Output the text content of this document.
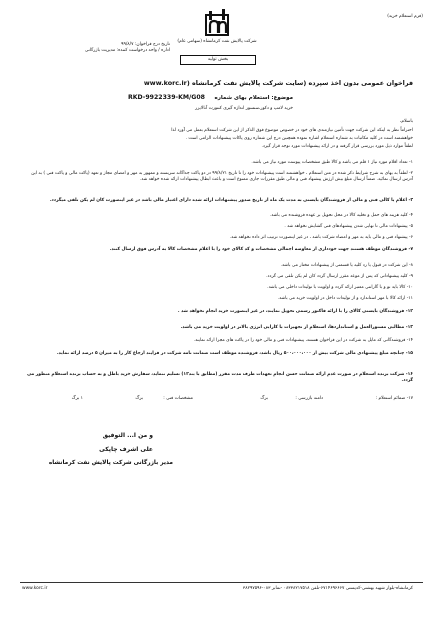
(فرم استعلام خرید)
تاریخ درج فراخوان: ۹۹/۸/۷
اداره / واحد درخواست کننده: مدیریت بازرگانی
شرکت پالایش نفت کرمانشاه (سهامی عام)
بخش تولید
فراخوان عمومی بدون اخذ سپرده (سایت شرکت پالایش نفت کرمانشاه (www.korc.ir
موضوع: استعلام بهای شماره
RKD-9922339-KM/G08
خرید لامپ و دکور،سنسور اندازه گیری کنتورت آنالایزر
باسلام،
احتراماً نظر به اینکه این شرکت جهت تأمین نیازمندی های خود در خصوص موضوع فوق الذکر از این شرکت استعلام بعمل می آورد لذا
خواهشمند است در کلیه مکاتبات به شماره استعلام اشاره نموده همچنین درج این شماره روی پاکات پیشنهادات الزامی است .
لطفاً موارد ذیل مورد بررسی قرار گرفته و در ارائه پیشنهادات مورد توجه قرار گیرد.
۱- تعداد اقلام مورد نیاز ۱ قلم می باشد و کالا طبق مشخصات پیوست مورد نیاز می باشد.
۲- لطفاً به بهای به شرح شرایط ذکر شده در متن استعلام ، خواهشمند است پیشنهادات خود را تا تاریخ ۹۹/۸/۲۱ در دو پاکت جداگانه سربسته و ممهور به مهر و امضای مجاز و تعهد (پاکت مالی و پاکت فنی ) به این آدرس ارسال نمائید. ضمناً ارسال مبلغ بیش ارزش پیشنهاد فنی و مالی طبق مقررات جاری ممنوع است و باعث ابطال پیشنهادات ارائه شده خواهد شد.
۳- اعلام یا کالی فنی و مالی از فروشندگان بایستی به مدت یک ماه از تاریخ صدور پیشنهادات ارائه شده دارای اعتبار مالی باشد در غیر اینصورت کان لم یکن تلقی میگردد.
۴- کلیه هزینه های حمل و تخلیه کالا در محل تحویل بر عهده فروشنده می باشد.
۵- پیشنهادات مالی تا نهایی شدن پیشنهادهای فنی گشایش نخواهد شد .
۶- پیشنهاد فنی و مالی باید به مهر و امضاء شرکت باشد ، در غیر اینصورت ترتیب اثر داده نخواهد شد.
۷- فروشندگان موظف هستند جهت خودداری از معاوضه اجمالی مشخصات و کد کالای خود را با اعلام مشخصات کالا به آدرس فوق ارسال کنند.
۸- این شرکت در قبول یا رد کلیه یا قسمتی از پیشنهادات مختار می باشد.
۹- کلیه پیشنهاداتی که پس از موعد مقرر ارسال گردد کان لم یکن تلقی می گردد.
۱۰- کالا باید نو و با گارانتی معتبر ارائه گردد و اولویت با تولیدات داخلی می باشد.
۱۱- ارائه کالا با مهر استاندارد و از تولیدات داخل در اولویت خرید می باشد.
۱۲- فروشندگان بایستی کالای را با ارائه فاکتور رسمی تحویل نمایند، در غیر اینصورت خرید انجام نخواهد شد .
۱۳- مطالبی مستورالعمل و استانداردها، استعلام از تجهیزات با کارایی انرژی بالاتر در اولویت خرید می باشد.
۱۴- فروشندگانی که مایل به شرکت در این فراخوان هستند، پیشنهادات فنی و مالی خود را در پاکت های مجزا ارائه نمایند.
۱۵- چنانچه مبلغ پیشنهادی مالی شرکت بیش از ۵۰۰،۰۰۰،۰۰۰ ریال باشد، فروشنده موظف است ضمانت نامه شرکت در فرایند ارجاع کار را به میزان ۵ درصد ارائه نماید.
۱۶- شرکت برنده استعلام در صورت عدم ارائه ضمانت حسن انجام تعهدات ظرف مدت مقرر (مطابق با بند۱۲) تسلیم ننماید، سفارش خرید باطل و به حساب برنده استعلام منظور می گردد.
۱۷- ضمائم استعلام :
دامنه بازرسی :
برگ
مشخصات فنی :
برگ
۱ برگ
و من ا... التوفیق
علی اشرف چاپکی
مدیر بازرگانی شرکت پالایش نفت کرمانشاه
کرمانشاه-بلوار شهید بهشتی-کدپستی ۶۷۱۴۶۹۶۶۶۷-تلفن ۰۸۳۳۸۲۱۷۵۱۸ -نمابر ۰۸۳-۳۸۲۹۷۵۹۶
www.korc.ir
